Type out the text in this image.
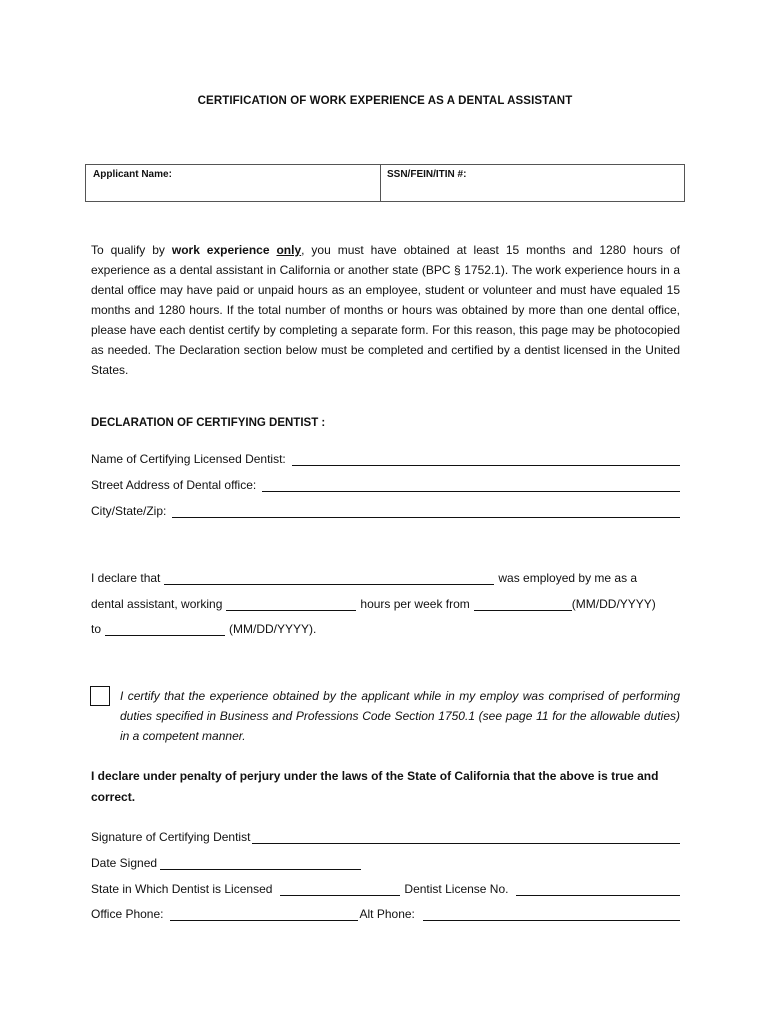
CERTIFICATION OF WORK EXPERIENCE AS A DENTAL ASSISTANT
Applicant Name:	SSN/FEIN/ITIN #:
To qualify by work experience only, you must have obtained at least 15 months and 1280 hours of experience as a dental assistant in California or another state (BPC § 1752.1). The work experience hours in a dental office may have paid or unpaid hours as an employee, student or volunteer and must have equaled 15 months and 1280 hours. If the total number of months or hours was obtained by more than one dental office, please have each dentist certify by completing a separate form. For this reason, this page may be photocopied as needed. The Declaration section below must be completed and certified by a dentist licensed in the United States.
DECLARATION OF CERTIFYING DENTIST :
Name of Certifying Licensed Dentist:
Street Address of Dental office:
City/State/Zip:
I declare that	was employed by me as a
dental assistant, working	hours per week from	(MM/DD/YYYY)
to	(MM/DD/YYYY).
I certify that the experience obtained by the applicant while in my employ was comprised of performing duties specified in Business and Professions Code Section 1750.1 (see page 11 for the allowable duties) in a competent manner.
I declare under penalty of perjury under the laws of the State of California that the above is true and correct.
Signature of Certifying Dentist
Date Signed
State in Which Dentist is Licensed	Dentist License No.
Office Phone:	Alt Phone:
